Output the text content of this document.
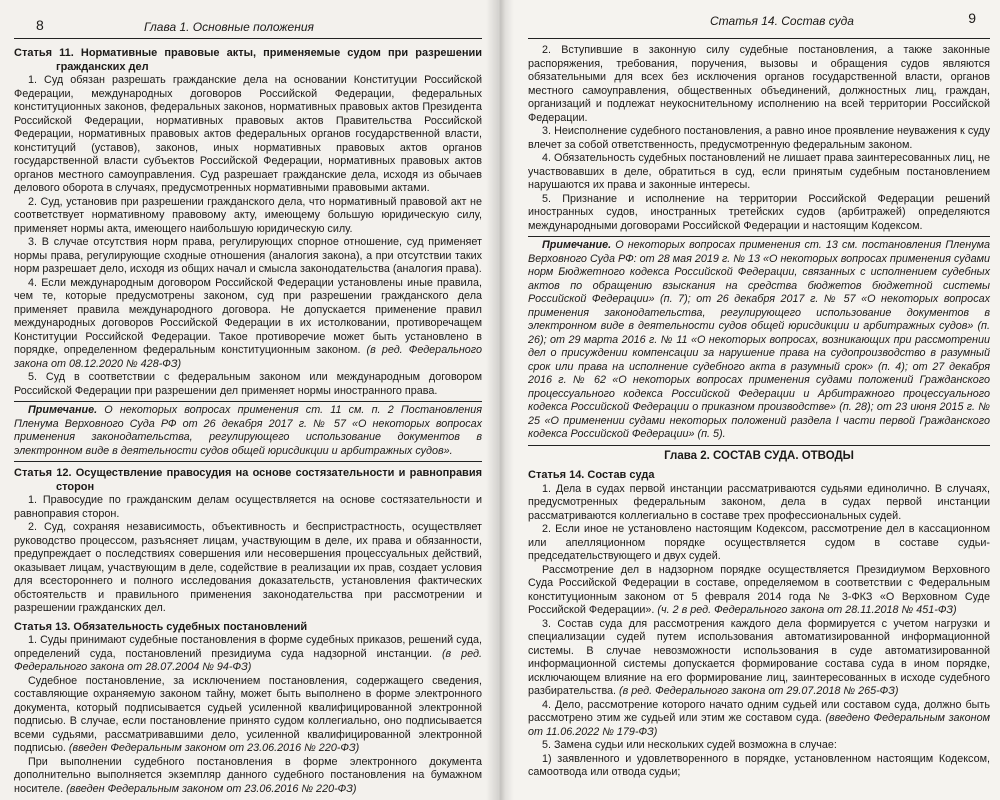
8	Глава 1. Основные положения
Статья 11. Нормативные правовые акты, применяемые судом при разрешении гражданских дел

1. Суд обязан разрешать гражданские дела на основании Конституции Российской Федерации, международных договоров Российской Федерации, федеральных конституционных законов, федеральных законов, нормативных правовых актов Президента Российской Федерации, нормативных правовых актов Правительства Российской Федерации, нормативных правовых актов федеральных органов государственной власти, конституций (уставов), законов, иных нормативных правовых актов органов государственной власти субъектов Российской Федерации, нормативных правовых актов органов местного самоуправления. Суд разрешает гражданские дела, исходя из обычаев делового оборота в случаях, предусмотренных нормативными правовыми актами.

2. Суд, установив при разрешении гражданского дела, что нормативный правовой акт не соответствует нормативному правовому акту, имеющему большую юридическую силу, применяет нормы акта, имеющего наибольшую юридическую силу.

3. В случае отсутствия норм права, регулирующих спорное отношение, суд применяет нормы права, регулирующие сходные отношения (аналогия закона), а при отсутствии таких норм разрешает дело, исходя из общих начал и смысла законодательства (аналогия права).

4. Если международным договором Российской Федерации установлены иные правила, чем те, которые предусмотрены законом, суд при разрешении гражданского дела применяет правила международного договора. Не допускается применение правил международных договоров Российской Федерации в их истолковании, противоречащем Конституции Российской Федерации. Такое противоречие может быть установлено в порядке, определенном федеральным конституционным законом. (в ред. Федерального закона от 08.12.2020 № 428-ФЗ)

5. Суд в соответствии с федеральным законом или международным договором Российской Федерации при разрешении дел применяет нормы иностранного права.

Примечание. О некоторых вопросах применения ст. 11 см. п. 2 Постановления Пленума Верховного Суда РФ от 26 декабря 2017 г. № 57 «О некоторых вопросах применения законодательства, регулирующего использование документов в электронном виде в деятельности судов общей юрисдикции и арбитражных судов».
Статья 12. Осуществление правосудия на основе состязательности и равноправия сторон

1. Правосудие по гражданским делам осуществляется на основе состязательности и равноправия сторон.

2. Суд, сохраняя независимость, объективность и беспристрастность, осуществляет руководство процессом, разъясняет лицам, участвующим в деле, их права и обязанности, предупреждает о последствиях совершения или несовершения процессуальных действий, оказывает лицам, участвующим в деле, содействие в реализации их прав, создает условия для всестороннего и полного исследования доказательств, установления фактических обстоятельств и правильного применения законодательства при рассмотрении и разрешении гражданских дел.

Статья 13. Обязательность судебных постановлений

1. Суды принимают судебные постановления в форме судебных приказов, решений суда, определений суда, постановлений президиума суда надзорной инстанции. (в ред. Федерального закона от 28.07.2004 № 94-ФЗ)

Судебное постановление, за исключением постановления, содержащего сведения, составляющие охраняемую законом тайну, может быть выполнено в форме электронного документа, который подписывается судьей усиленной квалифицированной электронной подписью. В случае, если постановление принято судом коллегиально, оно подписывается всеми судьями, рассматривавшими дело, усиленной квалифицированной электронной подписью. (введен Федеральным законом от 23.06.2016 № 220-ФЗ)

При выполнении судебного постановления в форме электронного документа дополнительно выполняется экземпляр данного судебного постановления на бумажном носителе. (введен Федеральным законом от 23.06.2016 № 220-ФЗ)

Статья 14. Состав суда	9

2. Вступившие в законную силу судебные постановления, а также законные распоряжения, требования, поручения, вызовы и обращения судов являются обязательными для всех без исключения органов государственной власти, органов местного самоуправления, общественных объединений, должностных лиц, граждан, организаций и подлежат неукоснительному исполнению на всей территории Российской Федерации.

3. Неисполнение судебного постановления, а равно иное проявление неуважения к суду влечет за собой ответственность, предусмотренную федеральным законом.

4. Обязательность судебных постановлений не лишает права заинтересованных лиц, не участвовавших в деле, обратиться в суд, если принятым судебным постановлением нарушаются их права и законные интересы.

5. Признание и исполнение на территории Российской Федерации решений иностранных судов, иностранных третейских судов (арбитражей) определяются международными договорами Российской Федерации и настоящим Кодексом.

Примечание. О некоторых вопросах применения ст. 13 см. постановления Пленума Верховного Суда РФ: от 28 мая 2019 г. № 13 «О некоторых вопросах применения судами норм Бюджетного кодекса Российской Федерации, связанных с исполнением судебных актов по обращению взыскания на средства бюджетов бюджетной системы Российской Федерации» (п. 7); от 26 декабря 2017 г. № 57 «О некоторых вопросах применения законодательства, регулирующего использование документов в электронном виде в деятельности судов общей юрисдикции и арбитражных судов» (п. 26); от 29 марта 2016 г. № 11 «О некоторых вопросах, возникающих при рассмотрении дел о присуждении компенсации за нарушение права на судопроизводство в разумный срок или права на исполнение судебного акта в разумный срок» (п. 4); от 27 декабря 2016 г. № 62 «О некоторых вопросах применения судами положений Гражданского процессуального кодекса Российской Федерации и Арбитражного процессуального кодекса Российской Федерации о приказном производстве» (п. 28); от 23 июня 2015 г. № 25 «О применении судами некоторых положений раздела I части первой Гражданского кодекса Российской Федерации» (п. 5).
Глава 2. СОСТАВ СУДА. ОТВОДЫ
Статья 14. Состав суда

1. Дела в судах первой инстанции рассматриваются судьями единолично. В случаях, предусмотренных федеральным законом, дела в судах первой инстанции рассматриваются коллегиально в составе трех профессиональных судей.

2. Если иное не установлено настоящим Кодексом, рассмотрение дел в кассационном или апелляционном порядке осуществляется судом в составе судьи-председательствующего и двух судей.

Рассмотрение дел в надзорном порядке осуществляется Президиумом Верховного Суда Российской Федерации в составе, определяемом в соответствии с Федеральным конституционным законом от 5 февраля 2014 года № 3-ФКЗ «О Верховном Суде Российской Федерации». (ч. 2 в ред. Федерального закона от 28.11.2018 № 451-ФЗ)

3. Состав суда для рассмотрения каждого дела формируется с учетом нагрузки и специализации судей путем использования автоматизированной информационной системы. В случае невозможности использования в суде автоматизированной информационной системы допускается формирование состава суда в ином порядке, исключающем влияние на его формирование лиц, заинтересованных в исходе судебного разбирательства. (в ред. Федерального закона от 29.07.2018 № 265-ФЗ)

4. Дело, рассмотрение которого начато одним судьей или составом суда, должно быть рассмотрено этим же судьей или этим же составом суда. (введено Федеральным законом от 11.06.2022 № 179-ФЗ)

5. Замена судьи или нескольких судей возможна в случае:

1) заявленного и удовлетворенного в порядке, установленном настоящим Кодексом, самоотвода или отвода судьи;
